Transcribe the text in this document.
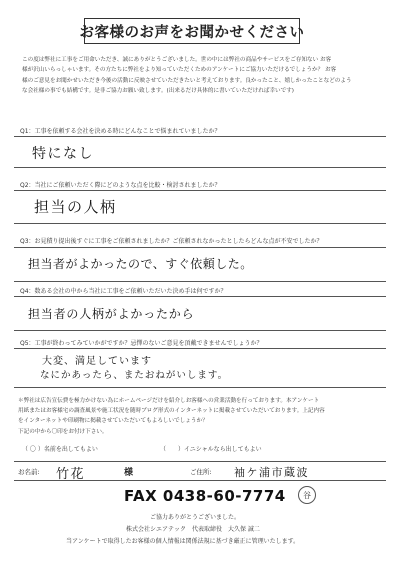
お客様のお声をお聞かせください

この度は弊社に工事をご用命いただき、誠にありがとうございました。世の中には弊社の商品やサービスをご存知ない お客

様が沢山いらっしゃいます。その方たちに弊社をより知っていただくためのアンケートにご協力いただけるでしょうか？ お客

様のご意見をお聞かせいただき今後の活動に反映させていただきたいと考えております。良かったこと、嬉しかったことなどのよう

な会社様の事でも結構です。是非ご協力お願い致します。(出来るだけ具体的に書いていただければ幸いです)

Q1：工事を依頼する会社を決める時にどんなことで悩まれていましたか？
特になし
Q2：当社にご依頼いただく際にどのような点を比較・検討されましたか？
担当の人柄
Q3：お見積り提出後すぐに工事をご依頼されましたか？ご依頼されなかったとしたらどんな点が不安でしたか？
担当者がよかったので、すぐ依頼した。
Q4：数ある会社の中から当社に工事をご依頼いただいた決め手は何ですか？
担当者の人柄がよかったから
Q5：工事が終わってみていかがですか？忌憚のないご意見を頂戴できませんでしょうか？
大変、満足しています
なにかあったら、またおねがいします。

＊弊社は広告宣伝費を極力かけない為にホームページだけを紹介しお客様への営業活動を行っております。本アンケート

用紙またはお客様宅の調査風景や施工状況を随時ブログ形式のインターネットに掲載させていただいております。上記内容

をインターネットや印刷物に掲載させていただいてもよろしいでしょうか？

下記の中から〇印をお付け下さい。

（ 〇 ）名前を出してもよい	（　　）イニシャルなら出してもよい
お名前: 竹花	様	ご住所: 袖ケ浦市蔵波
FAX 0438-60-7774	谷
ご協力ありがとうございました。
株式会社シエアテック　代表取締役　大久保 誠二
当アンケートで取得したお客様の個人情報は関係法規に基づき厳正に管理いたします。
